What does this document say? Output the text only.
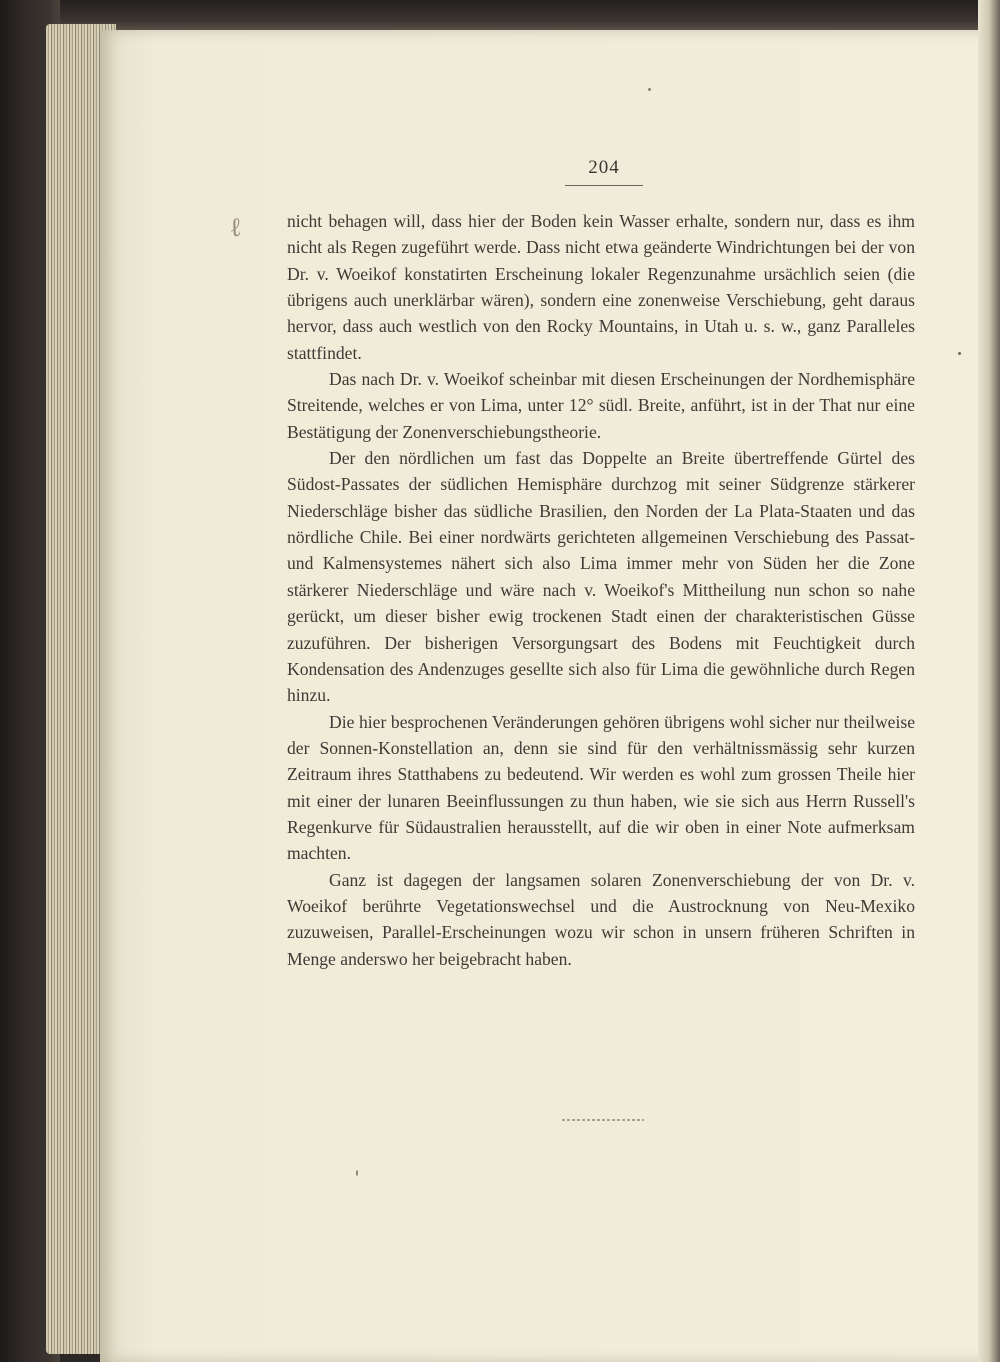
204
ℓ nicht behagen will, dass hier der Boden kein Wasser erhalte, sondern nur, dass es ihm nicht als Regen zugeführt werde. Dass nicht etwa geänderte Windrichtungen bei der von Dr. v. Woeikof konstatirten Erscheinung lokaler Regenzunahme ursächlich seien (die übrigens auch unerklärbar wären), sondern eine zonenweise Verschiebung, geht daraus hervor, dass auch westlich von den Rocky Mountains, in Utah u. s. w., ganz Paralleles stattfindet.

Das nach Dr. v. Woeikof scheinbar mit diesen Erscheinungen der Nordhemisphäre Streitende, welches er von Lima, unter 12° südl. Breite, anführt, ist in der That nur eine Bestätigung der Zonenverschiebungstheorie.

Der den nördlichen um fast das Doppelte an Breite übertreffende Gürtel des Südost-Passates der südlichen Hemisphäre durchzog mit seiner Südgrenze stärkerer Niederschläge bisher das südliche Brasilien, den Norden der La Plata-Staaten und das nördliche Chile. Bei einer nordwärts gerichteten allgemeinen Verschiebung des Passat- und Kalmensystemes nähert sich also Lima immer mehr von Süden her die Zone stärkerer Niederschläge und wäre nach v. Woeikof's Mittheilung nun schon so nahe gerückt, um dieser bisher ewig trockenen Stadt einen der charakteristischen Güsse zuzuführen. Der bisherigen Versorgungsart des Bodens mit Feuchtigkeit durch Kondensation des Andenzuges gesellte sich also für Lima die gewöhnliche durch Regen hinzu.

Die hier besprochenen Veränderungen gehören übrigens wohl sicher nur theilweise der Sonnen-Konstellation an, denn sie sind für den verhältnissmässig sehr kurzen Zeitraum ihres Statthabens zu bedeutend. Wir werden es wohl zum grossen Theile hier mit einer der lunaren Beeinflussungen zu thun haben, wie sie sich aus Herrn Russell's Regenkurve für Südaustralien herausstellt, auf die wir oben in einer Note aufmerksam machten.

Ganz ist dagegen der langsamen solaren Zonenverschiebung der von Dr. v. Woeikof berührte Vegetationswechsel und die Austrocknung von Neu-Mexiko zuzuweisen, Parallel-Erscheinungen wozu wir schon in unsern früheren Schriften in Menge anderswo her beigebracht haben.
